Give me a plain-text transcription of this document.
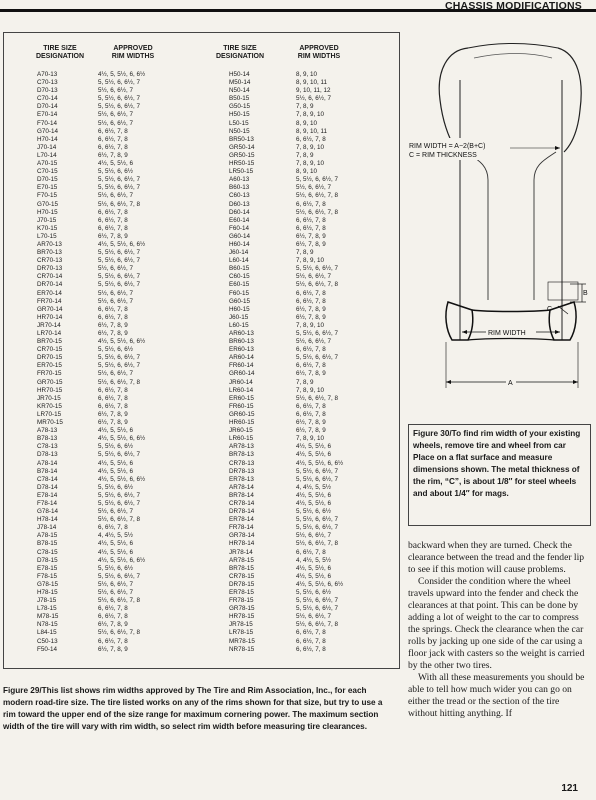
CHASSIS MODIFICATIONS
TIRE SIZE
DESIGNATION
APPROVED
RIM WIDTHS
TIRE SIZE
DESIGNATION
APPROVED
RIM WIDTHS
A70-13	4½, 5, 5½, 6, 6½
C70-13	5, 5½, 6, 6½, 7
D70-13	5½, 6, 6½, 7
C70-14	5, 5½, 6, 6½, 7
D70-14	5, 5½, 6, 6½, 7
E70-14	5½, 6, 6½, 7
F70-14	5½, 6, 6½, 7
G70-14	6, 6½, 7, 8
H70-14	6, 6½, 7, 8
J70-14	6, 6½, 7, 8
L70-14	6½, 7, 8, 9
A70-15	4½, 5, 5½, 6
C70-15	5, 5½, 6, 6½
D70-15	5, 5½, 6, 6½, 7
E70-15	5, 5½, 6, 6½, 7
F70-15	5½, 6, 6½, 7
G70-15	5½, 6, 6½, 7, 8
H70-15	6, 6½, 7, 8
J70-15	6, 6½, 7, 8
K70-15	6, 6½, 7, 8
L70-15	6½, 7, 8, 9
AR70-13	4½, 5, 5½, 6, 6½
BR70-13	5, 5½, 6, 6½, 7
CR70-13	5, 5½, 6, 6½, 7
DR70-13	5½, 6, 6½, 7
CR70-14	5, 5½, 6, 6½, 7
DR70-14	5, 5½, 6, 6½, 7
ER70-14	5½, 6, 6½, 7
FR70-14	5½, 6, 6½, 7
GR70-14	6, 6½, 7, 8
HR70-14	6, 6½, 7, 8
JR70-14	6½, 7, 8, 9
LR70-14	6½, 7, 8, 9
BR70-15	4½, 5, 5½, 6, 6½
CR70-15	5, 5½, 6, 6½
DR70-15	5, 5½, 6, 6½, 7
ER70-15	5, 5½, 6, 6½, 7
FR70-15	5½, 6, 6½, 7
GR70-15	5½, 6, 6½, 7, 8
HR70-15	6, 6½, 7, 8
JR70-15	6, 6½, 7, 8
KR70-15	6, 6½, 7, 8
LR70-15	6½, 7, 8, 9
MR70-15	6½, 7, 8, 9
A78-13	4½, 5, 5½, 6
B78-13	4½, 5, 5½, 6, 6½
C78-13	5, 5½, 6, 6½
D78-13	5, 5½, 6, 6½, 7
A78-14	4½, 5, 5½, 6
B78-14	4½, 5, 5½, 6
C78-14	4½, 5, 5½, 6, 6½
D78-14	5, 5½, 6, 6½
E78-14	5, 5½, 6, 6½, 7
F78-14	5, 5½, 6, 6½, 7
G78-14	5½, 6, 6½, 7
H78-14	5½, 6, 6½, 7, 8
J78-14	6, 6½, 7, 8
A78-15	4, 4½, 5, 5½
B78-15	4½, 5, 5½, 6
C78-15	4½, 5, 5½, 6
D78-15	4½, 5, 5½, 6, 6½
E78-15	5, 5½, 6, 6½
F78-15	5, 5½, 6, 6½, 7
G78-15	5½, 6, 6½, 7
H78-15	5½, 6, 6½, 7
J78-15	5½, 6, 6½, 7, 8
L78-15	6, 6½, 7, 8
M78-15	6, 6½, 7, 8
N78-15	6½, 7, 8, 9
L84-15	5½, 6, 6½, 7, 8
C50-13	6, 6½, 7, 8
F50-14	6½, 7, 8, 9
H50-14	8, 9, 10
M50-14	8, 9, 10, 11
N50-14	9, 10, 11, 12
B50-15	5½, 6, 6½, 7
G50-15	7, 8, 9
H50-15	7, 8, 9, 10
L50-15	8, 9, 10
N50-15	8, 9, 10, 11
BR50-13	6, 6½, 7, 8
GR50-14	7, 8, 9, 10
GR50-15	7, 8, 9
HR50-15	7, 8, 9, 10
LR50-15	8, 9, 10
A60-13	5, 5½, 6, 6½, 7
B60-13	5½, 6, 6½, 7
C60-13	5½, 6, 6½, 7, 8
D60-13	6, 6½, 7, 8
D60-14	5½, 6, 6½, 7, 8
E60-14	6, 6½, 7, 8
F60-14	6, 6½, 7, 8
G60-14	6½, 7, 8, 9
H60-14	6½, 7, 8, 9
J60-14	7, 8, 9
L60-14	7, 8, 9, 10
B60-15	5, 5½, 6, 6½, 7
C60-15	5½, 6, 6½, 7
E60-15	5½, 6, 6½, 7, 8
F60-15	6, 6½, 7, 8
G60-15	6, 6½, 7, 8
H60-15	6½, 7, 8, 9
J60-15	6½, 7, 8, 9
L60-15	7, 8, 9, 10
AR60-13	5, 5½, 6, 6½, 7
BR60-13	5½, 6, 6½, 7
ER60-13	6, 6½, 7, 8
AR60-14	5, 5½, 6, 6½, 7
FR60-14	6, 6½, 7, 8
GR60-14	6½, 7, 8, 9
JR60-14	7, 8, 9
LR60-14	7, 8, 9, 10
ER60-15	5½, 6, 6½, 7, 8
FR60-15	6, 6½, 7, 8
GR60-15	6, 6½, 7, 8
HR60-15	6½, 7, 8, 9
JR60-15	6½, 7, 8, 9
LR60-15	7, 8, 9, 10
AR78-13	4½, 5, 5½, 6
BR78-13	4½, 5, 5½, 6
CR78-13	4½, 5, 5½, 6, 6½
DR78-13	5, 5½, 6, 6½, 7
ER78-13	5, 5½, 6, 6½, 7
AR78-14	4, 4½, 5, 5½
BR78-14	4½, 5, 5½, 6
CR78-14	4½, 5, 5½, 6
DR78-14	5, 5½, 6, 6½
ER78-14	5, 5½, 6, 6½, 7
FR78-14	5, 5½, 6, 6½, 7
GR78-14	5½, 6, 6½, 7
HR78-14	5½, 6, 6½, 7, 8
JR78-14	6, 6½, 7, 8
AR78-15	4, 4½, 5, 5½
BR78-15	4½, 5, 5½, 6
CR78-15	4½, 5, 5½, 6
DR78-15	4½, 5, 5½, 6, 6½
ER78-15	5, 5½, 6, 6½
FR78-15	5, 5½, 6, 6½, 7
GR78-15	5, 5½, 6, 6½, 7
HR78-15	5½, 6, 6½, 7
JR78-15	5½, 6, 6½, 7, 8
LR78-15	6, 6½, 7, 8
MR78-15	6, 6½, 7, 8
NR78-15	6, 6½, 7, 8
Figure 29/This list shows rim widths approved by The Tire and Rim Association, Inc., for each modern road-tire size. The tire listed works on any of the rims shown for that size, but try to use a rim toward the upper end of the size range for maximum cornering power. The maximum section width of the tire will vary with rim width, so select rim width before measuring tire clearances.
RIM WIDTH = A−2(B+C)
C = RIM THICKNESS
RIM WIDTH
A
B
C
Figure 30/To find rim width of your existing wheels, remove tire and wheel from car Place on a flat surface and measure dimensions shown. The metal thickness of the rim, “C”, is about 1/8″ for steel wheels and about 1/4″ for mags.

backward when they are turned. Check the clearance between the tread and the fender lip to see if this motion will cause problems.

Consider the condition where the wheel travels upward into the fender and check the clearances at that point. This can be done by adding a lot of weight to the car to compress the springs. Check the clearance when the car rolls by jacking up one side of the car using a floor jack with casters so the weight is carried by the other two tires.

With all these measurements you should be able to tell how much wider you can go on either the tread or the section of the tire without hitting anything. If

121
